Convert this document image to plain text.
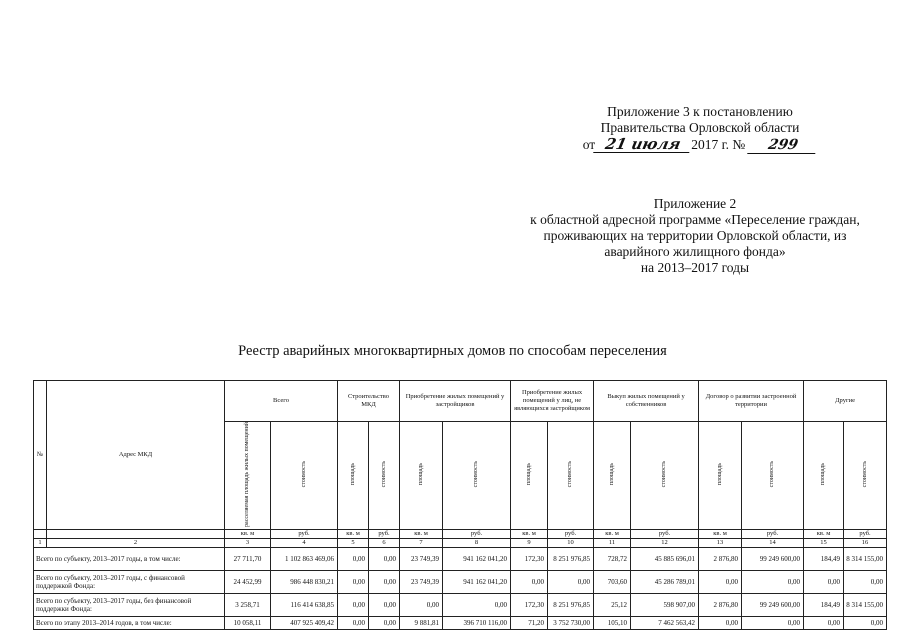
Приложение 3 к постановлению
Правительства Орловской области
от 21 июля 2017 г. №	299
Приложение 2
к областной адресной программе «Переселение граждан,
проживающих на территории Орловской области, из
аварийного жилищного фонда»
на 2013–2017 годы
Реестр аварийных многоквартирных домов по способам переселения
№	Адрес МКД	Всего		Строительство МКД		Приобретение жилых помещений у застройщиков		Приобретение жилых помещений у лиц, не являющихся застройщиком		Выкуп жилых помещений у собственников		Договор о развитии застроенной территории		Другие	
		расселяемая площадь жилых помещений	стоимость	площадь	стоимость	площадь	стоимость	площадь	стоимость	площадь	стоимость	площадь	стоимость	площадь	стоимость
		кв. м	руб.	кв. м	руб.	кв. м	руб.	кв. м	руб.	кв. м	руб.	кв. м	руб.	кв. м	руб.
1	2	3	4	5	6	7	8	9	10	11	12	13	14	15	16
Всего по субъекту, 2013–2017 годы, в том числе:		27 711,70	1 102 863 469,06	0,00	0,00	23 749,39	941 162 041,20	172,30	8 251 976,85	728,72	45 885 696,01	2 876,80	99 249 600,00	184,49	8 314 155,00
Всего по субъекту, 2013–2017 годы, с финансовой поддержкой Фонда:		24 452,99	986 448 830,21	0,00	0,00	23 749,39	941 162 041,20	0,00	0,00	703,60	45 286 789,01	0,00	0,00	0,00	0,00
Всего по субъекту, 2013–2017 годы, без финансовой поддержки Фонда:		3 258,71	116 414 638,85	0,00	0,00	0,00	0,00	172,30	8 251 976,85	25,12	598 907,00	2 876,80	99 249 600,00	184,49	8 314 155,00
Всего по этапу 2013–2014 годов, в том числе:		10 058,11	407 925 409,42	0,00	0,00	9 881,81	396 710 116,00	71,20	3 752 730,00	105,10	7 462 563,42	0,00	0,00	0,00	0,00
